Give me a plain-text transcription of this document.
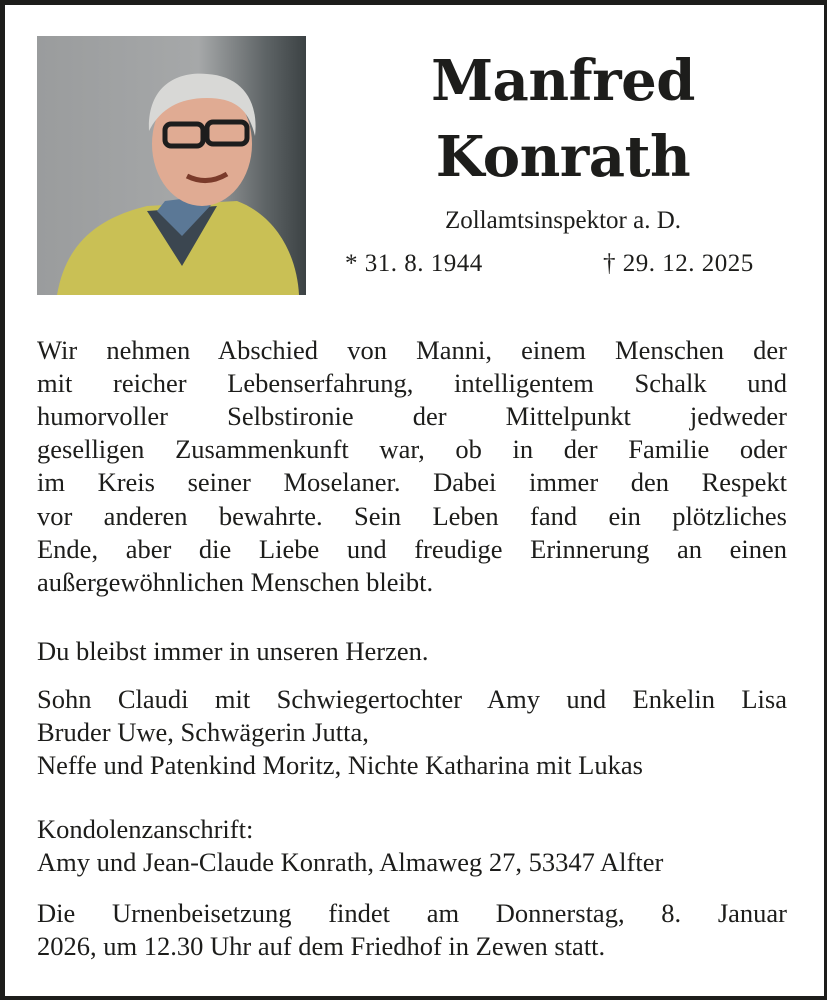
Manfred
Konrath
Zollamtsinspektor a. D.
* 31. 8. 1944	† 29. 12. 2025
Wir nehmen Abschied von Manni, einem Menschen der
mit reicher Lebenserfahrung, intelligentem Schalk und
humorvoller Selbstironie der Mittelpunkt jedweder
geselligen Zusammenkunft war, ob in der Familie oder
im Kreis seiner Moselaner. Dabei immer den Respekt
vor anderen bewahrte. Sein Leben fand ein plötzliches
Ende, aber die Liebe und freudige Erinnerung an einen
außergewöhnlichen Menschen bleibt.
Du bleibst immer in unseren Herzen.
Sohn Claudi mit Schwiegertochter Amy und Enkelin Lisa
Bruder Uwe, Schwägerin Jutta,
Neffe und Patenkind Moritz, Nichte Katharina mit Lukas
Kondolenzanschrift:
Amy und Jean-Claude Konrath, Almaweg 27, 53347 Alfter
Die Urnenbeisetzung findet am Donnerstag, 8. Januar
2026, um 12.30 Uhr auf dem Friedhof in Zewen statt.
